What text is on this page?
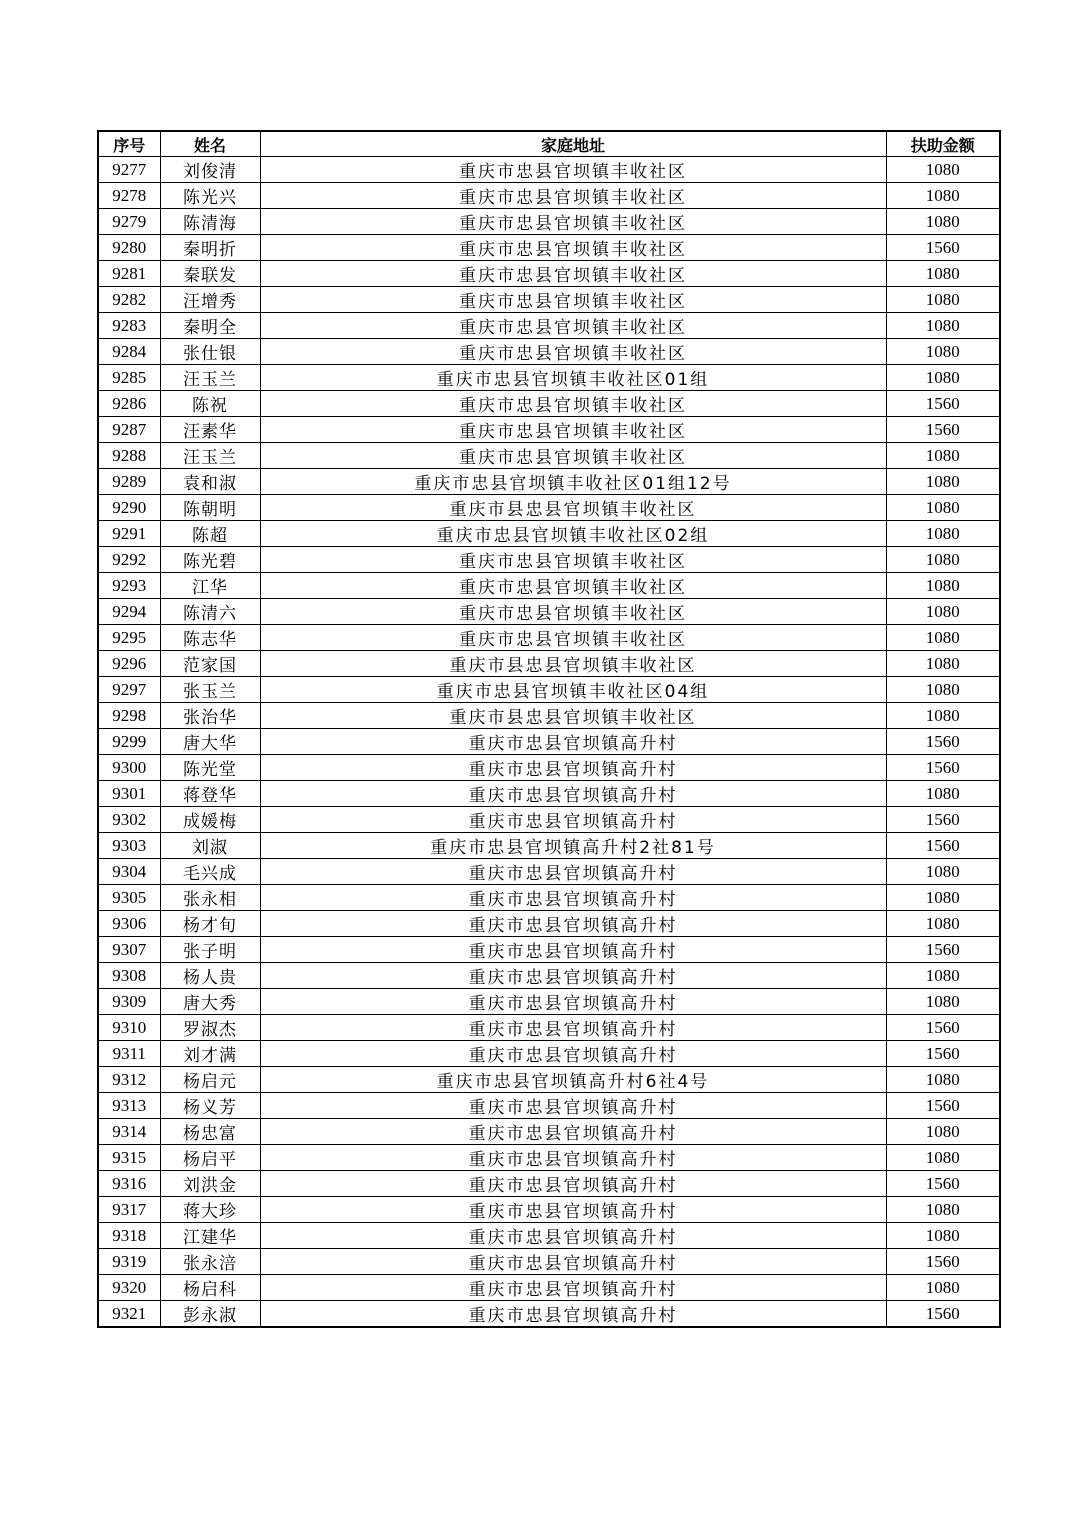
序号	姓名	家庭地址	扶助金额
9277	刘俊清	重庆市忠县官坝镇丰收社区	1080
9278	陈光兴	重庆市忠县官坝镇丰收社区	1080
9279	陈清海	重庆市忠县官坝镇丰收社区	1080
9280	秦明折	重庆市忠县官坝镇丰收社区	1560
9281	秦联发	重庆市忠县官坝镇丰收社区	1080
9282	汪增秀	重庆市忠县官坝镇丰收社区	1080
9283	秦明全	重庆市忠县官坝镇丰收社区	1080
9284	张仕银	重庆市忠县官坝镇丰收社区	1080
9285	汪玉兰	重庆市忠县官坝镇丰收社区01组	1080
9286	陈祝	重庆市忠县官坝镇丰收社区	1560
9287	汪素华	重庆市忠县官坝镇丰收社区	1560
9288	汪玉兰	重庆市忠县官坝镇丰收社区	1080
9289	袁和淑	重庆市忠县官坝镇丰收社区01组12号	1080
9290	陈朝明	重庆市县忠县官坝镇丰收社区	1080
9291	陈超	重庆市忠县官坝镇丰收社区02组	1080
9292	陈光碧	重庆市忠县官坝镇丰收社区	1080
9293	江华	重庆市忠县官坝镇丰收社区	1080
9294	陈清六	重庆市忠县官坝镇丰收社区	1080
9295	陈志华	重庆市忠县官坝镇丰收社区	1080
9296	范家国	重庆市县忠县官坝镇丰收社区	1080
9297	张玉兰	重庆市忠县官坝镇丰收社区04组	1080
9298	张治华	重庆市县忠县官坝镇丰收社区	1080
9299	唐大华	重庆市忠县官坝镇高升村	1560
9300	陈光堂	重庆市忠县官坝镇高升村	1560
9301	蒋登华	重庆市忠县官坝镇高升村	1080
9302	成媛梅	重庆市忠县官坝镇高升村	1560
9303	刘淑	重庆市忠县官坝镇高升村2社81号	1560
9304	毛兴成	重庆市忠县官坝镇高升村	1080
9305	张永相	重庆市忠县官坝镇高升村	1080
9306	杨才旬	重庆市忠县官坝镇高升村	1080
9307	张子明	重庆市忠县官坝镇高升村	1560
9308	杨人贵	重庆市忠县官坝镇高升村	1080
9309	唐大秀	重庆市忠县官坝镇高升村	1080
9310	罗淑杰	重庆市忠县官坝镇高升村	1560
9311	刘才满	重庆市忠县官坝镇高升村	1560
9312	杨启元	重庆市忠县官坝镇高升村6社4号	1080
9313	杨义芳	重庆市忠县官坝镇高升村	1560
9314	杨忠富	重庆市忠县官坝镇高升村	1080
9315	杨启平	重庆市忠县官坝镇高升村	1080
9316	刘洪金	重庆市忠县官坝镇高升村	1560
9317	蒋大珍	重庆市忠县官坝镇高升村	1080
9318	江建华	重庆市忠县官坝镇高升村	1080
9319	张永涪	重庆市忠县官坝镇高升村	1560
9320	杨启科	重庆市忠县官坝镇高升村	1080
9321	彭永淑	重庆市忠县官坝镇高升村	1560
